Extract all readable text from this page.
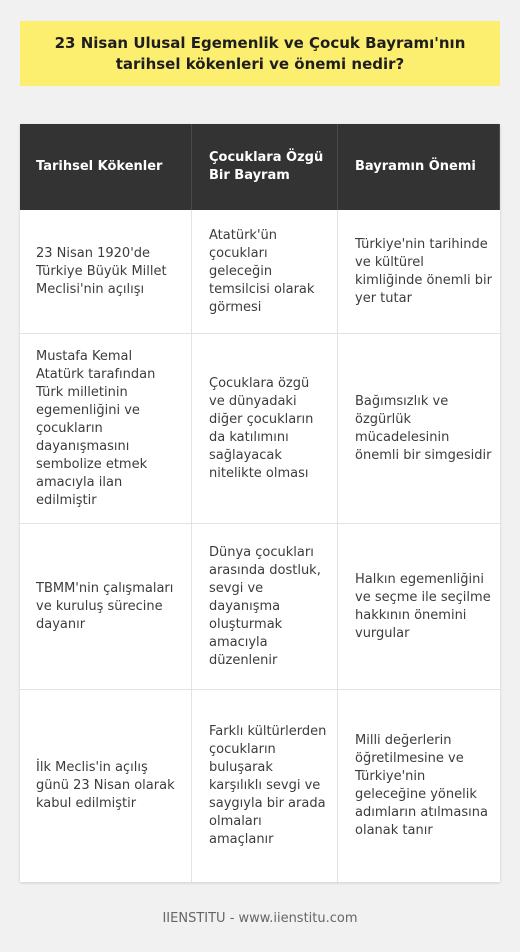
23 Nisan Ulusal Egemenlik ve Çocuk Bayramı'nın tarihsel kökenleri ve önemi nedir?
Tarihsel Kökenler
Çocuklara Özgü Bir Bayram
Bayramın Önemi
23 Nisan 1920'de Türkiye Büyük Millet Meclisi'nin açılışı
Atatürk'ün çocukları geleceğin temsilcisi olarak görmesi
Türkiye'nin tarihinde ve kültürel kimliğinde önemli bir yer tutar
Mustafa Kemal Atatürk tarafından Türk milletinin egemenliğini ve çocukların dayanışmasını sembolize etmek amacıyla ilan edilmiştir
Çocuklara özgü ve dünyadaki diğer çocukların da katılımını sağlayacak nitelikte olması
Bağımsızlık ve özgürlük mücadelesinin önemli bir simgesidir
TBMM'nin çalışmaları ve kuruluş sürecine dayanır
Dünya çocukları arasında dostluk, sevgi ve dayanışma oluşturmak amacıyla düzenlenir
Halkın egemenliğini ve seçme ile seçilme hakkının önemini vurgular
İlk Meclis'in açılış günü 23 Nisan olarak kabul edilmiştir
Farklı kültürlerden çocukların buluşarak karşılıklı sevgi ve saygıyla bir arada olmaları amaçlanır
Milli değerlerin öğretilmesine ve Türkiye'nin geleceğine yönelik adımların atılmasına olanak tanır
IIENSTITU - www.iienstitu.com
